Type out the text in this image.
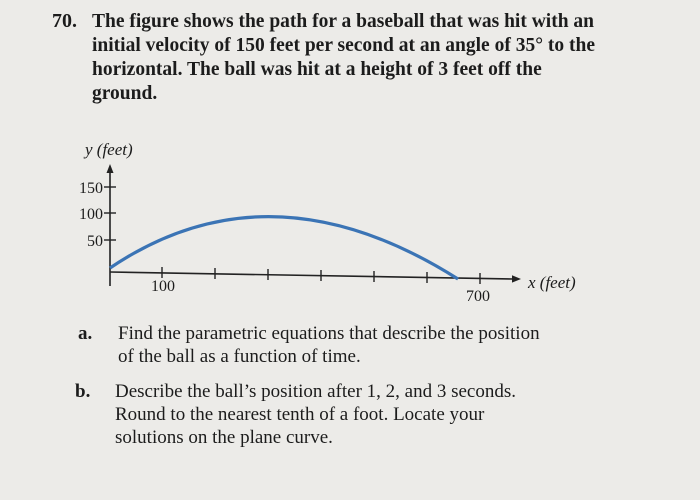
70. The figure shows the path for a baseball that was hit with an
initial velocity of 150 feet per second at an angle of 35° to the
horizontal. The ball was hit at a height of 3 feet off the
ground.

y (feet)
150
100
50
100
700
x (feet)
a. Find the parametric equations that describe the position
of the ball as a function of time.
b. Describe the ball’s position after 1, 2, and 3 seconds.
Round to the nearest tenth of a foot. Locate your
solutions on the plane curve.
